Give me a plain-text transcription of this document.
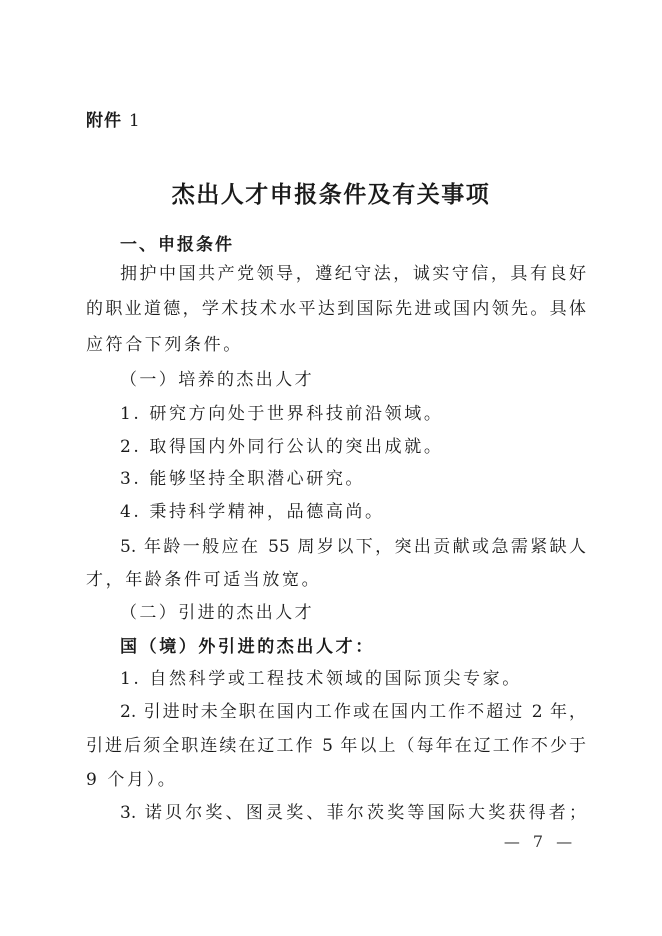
附件 1
杰出人才申报条件及有关事项
一、申报条件
拥护中国共产党领导，遵纪守法，诚实守信，具有良好
的职业道德，学术技术水平达到国际先进或国内领先。具体
应符合下列条件。
（一）培养的杰出人才
1. 研究方向处于世界科技前沿领域。
2. 取得国内外同行公认的突出成就。
3. 能够坚持全职潜心研究。
4. 秉持科学精神，品德高尚。
5. 年龄一般应在 55 周岁以下，突出贡献或急需紧缺人
才，年龄条件可适当放宽。
（二）引进的杰出人才
国（境）外引进的杰出人才：
1. 自然科学或工程技术领域的国际顶尖专家。
2. 引进时未全职在国内工作或在国内工作不超过 2 年，
引进后须全职连续在辽工作 5 年以上（每年在辽工作不少于
9 个月）。
3. 诺贝尔奖、图灵奖、菲尔茨奖等国际大奖获得者；
— 7 —
